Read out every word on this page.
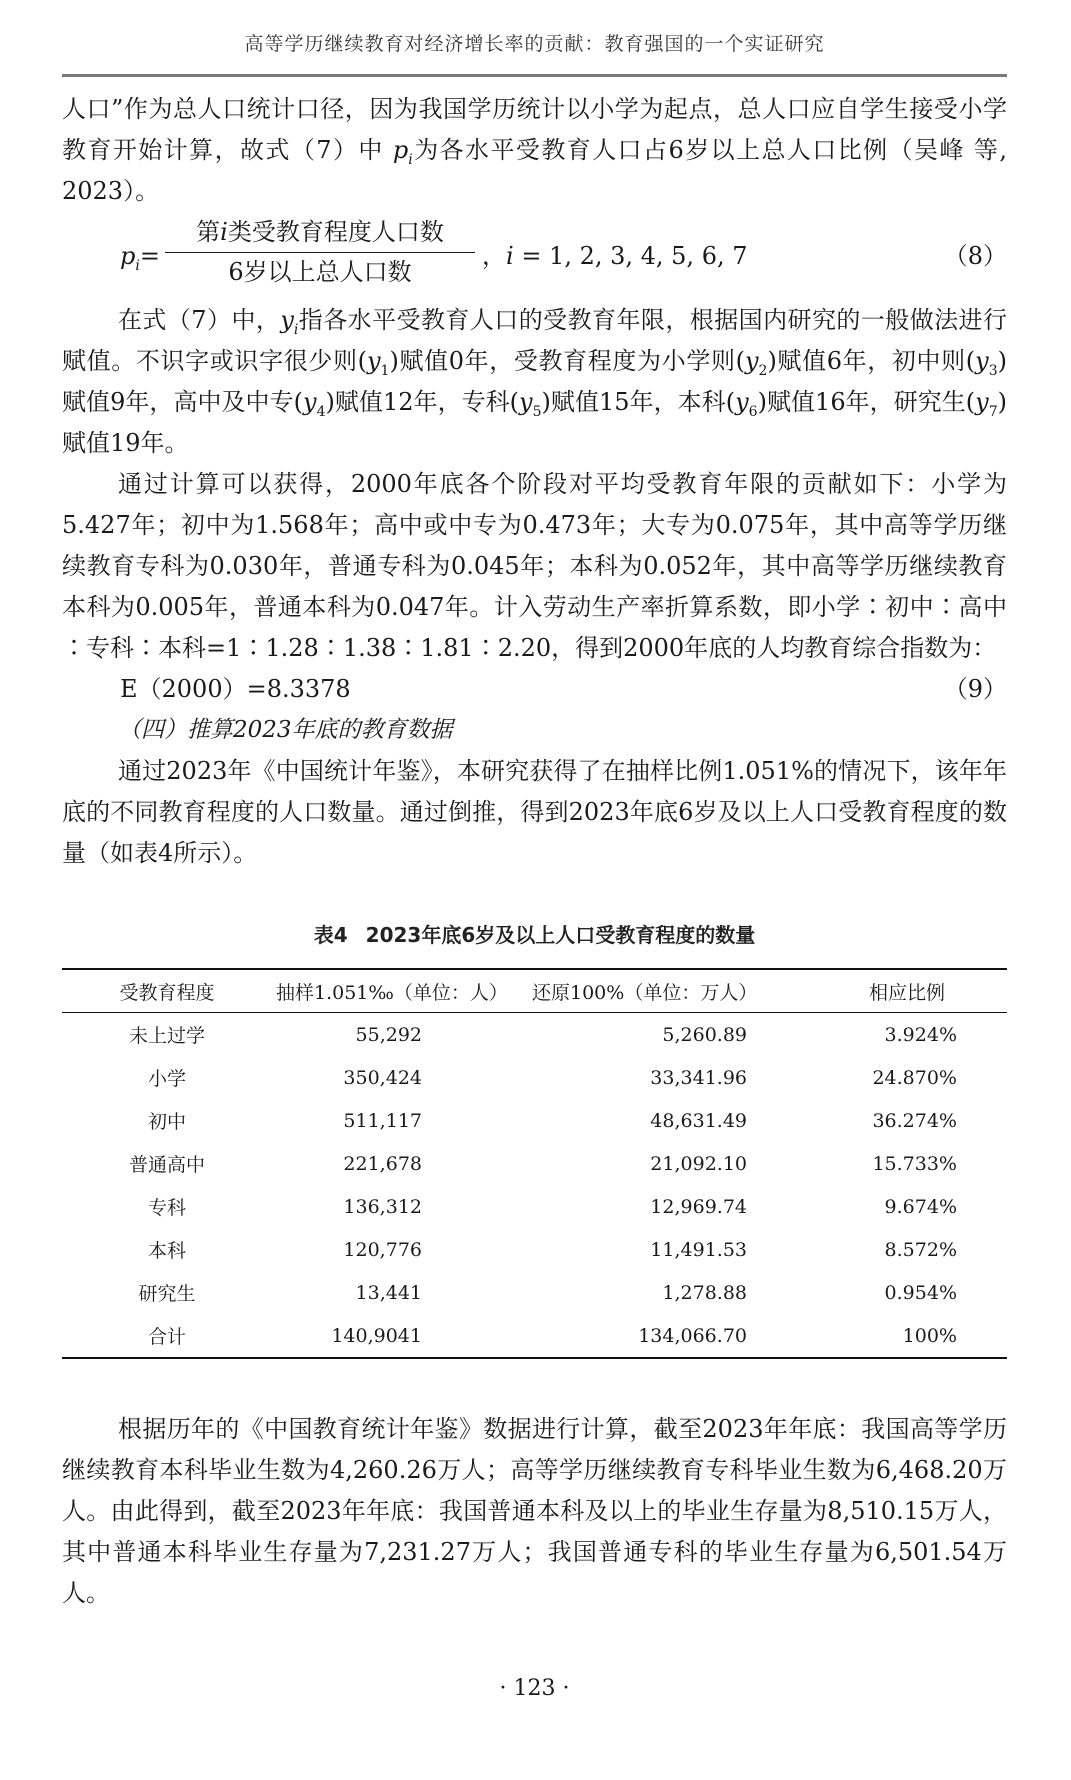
高等学历继续教育对经济增长率的贡献：教育强国的一个实证研究

人口”作为总人口统计口径，因为我国学历统计以小学为起点，总人口应自学生接受小学教育开始计算，故式（7）中 $p_i$为各水平受教育人口占6岁以上总人口比例（吴峰 等, 2023）。

$p_i=$
第i类受教育程度人口数
6岁以上总人口数
，i = 1, 2, 3, 4, 5, 6, 7	（8）

在式（7）中，$y_i$指各水平受教育人口的受教育年限，根据国内研究的一般做法进行赋值。不识字或识字很少则$(y_1)$赋值0年，受教育程度为小学则$(y_2)$赋值6年，初中则$(y_3)$赋值9年，高中及中专$(y_4)$赋值12年，专科$(y_5)$赋值15年，本科$(y_6)$赋值16年，研究生$(y_7)$赋值19年。

通过计算可以获得，2000年底各个阶段对平均受教育年限的贡献如下：小学为5.427年；初中为1.568年；高中或中专为0.473年；大专为0.075年，其中高等学历继续教育专科为0.030年，普通专科为0.045年；本科为0.052年，其中高等学历继续教育本科为0.005年，普通本科为0.047年。计入劳动生产率折算系数，即小学∶初中∶高中∶专科∶本科=1∶1.28∶1.38∶1.81∶2.20，得到2000年底的人均教育综合指数为：

E（2000）=8.3378	（9）
（四）推算2023年底的教育数据

通过2023年《中国统计年鉴》，本研究获得了在抽样比例1.051%的情况下，该年年底的不同教育程度的人口数量。通过倒推，得到2023年底6岁及以上人口受教育程度的数量（如表4所示）。

表4 2023年底6岁及以上人口受教育程度的数量
受教育程度	抽样1.051‰（单位：人）	还原100%（单位：万人）	相应比例
未上过学	55,292	5,260.89	3.924%
小学	350,424	33,341.96	24.870%
初中	511,117	48,631.49	36.274%
普通高中	221,678	21,092.10	15.733%
专科	136,312	12,969.74	9.674%
本科	120,776	11,491.53	8.572%
研究生	13,441	1,278.88	0.954%
合计	140,9041	134,066.70	100%

根据历年的《中国教育统计年鉴》数据进行计算，截至2023年年底：我国高等学历继续教育本科毕业生数为4,260.26万人；高等学历继续教育专科毕业生数为6,468.20万人。由此得到，截至2023年年底：我国普通本科及以上的毕业生存量为8,510.15万人，其中普通本科毕业生存量为7,231.27万人；我国普通专科的毕业生存量为6,501.54万人。

· 123 ·
